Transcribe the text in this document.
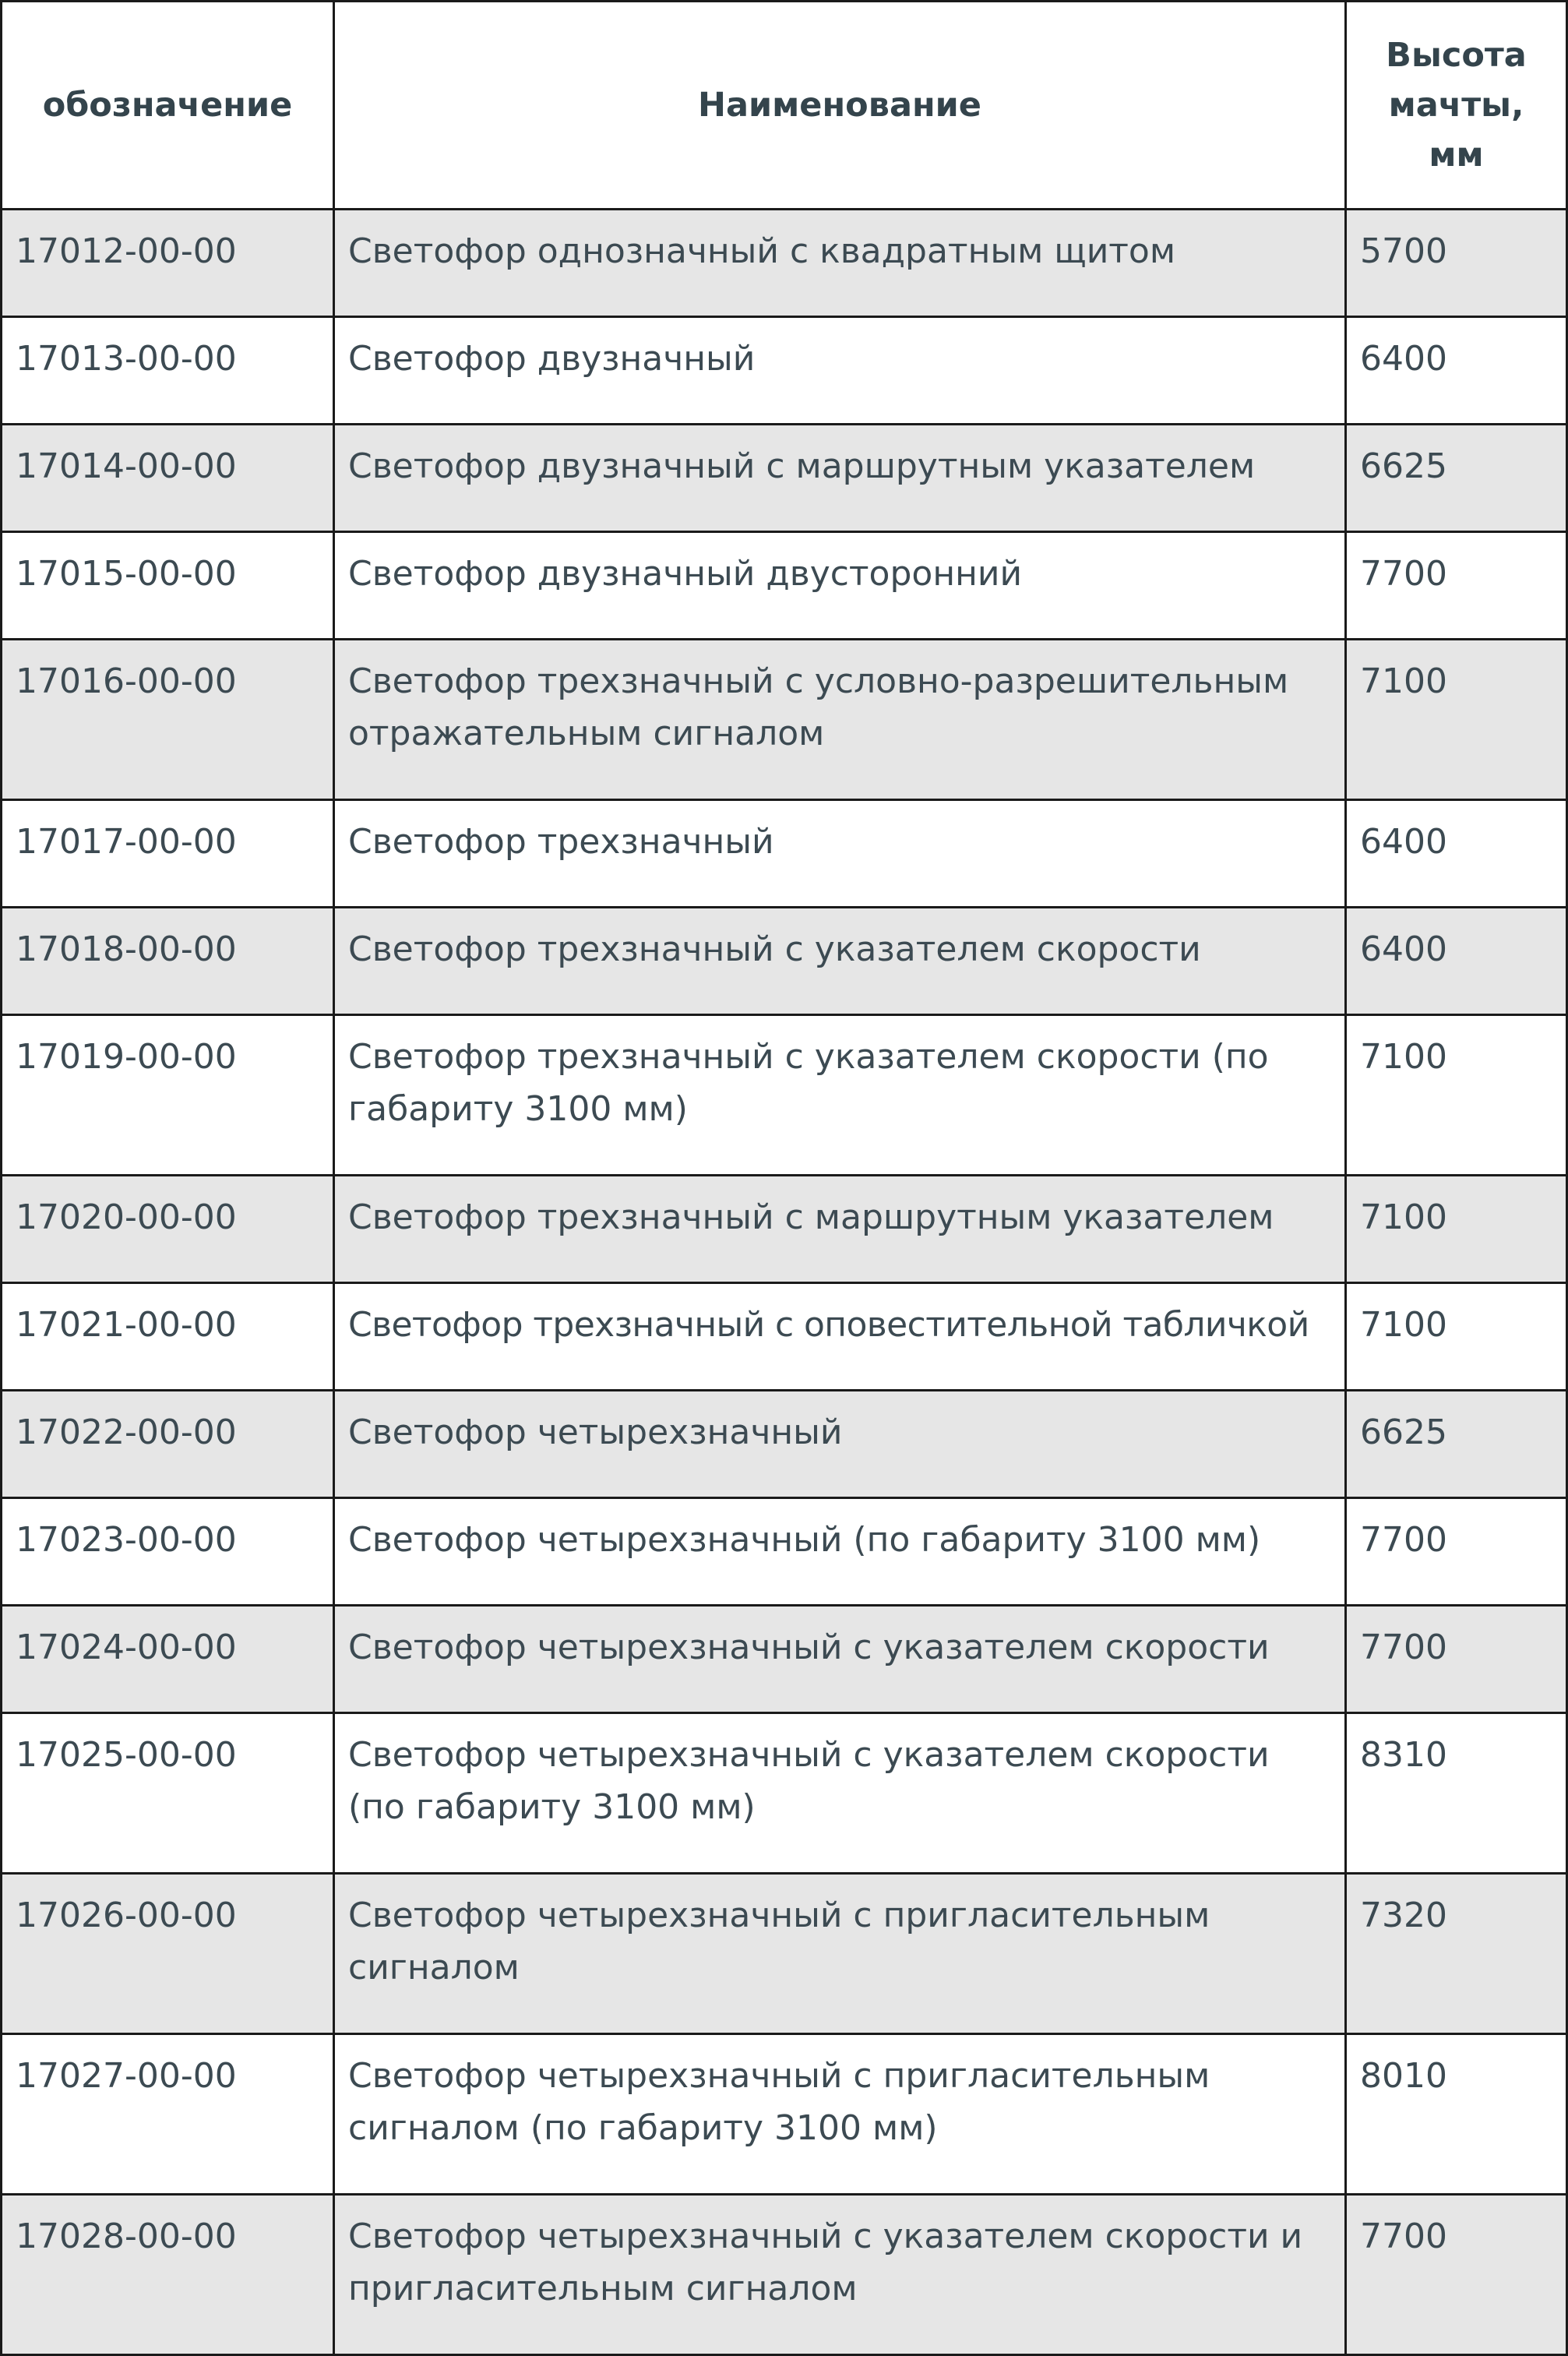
обозначение	Наименование	Высота мачты, мм
17012-00-00	Светофор однозначный с квадратным щитом	5700
17013-00-00	Светофор двузначный	6400
17014-00-00	Светофор двузначный с маршрутным указателем	6625
17015-00-00	Светофор двузначный двусторонний	7700
17016-00-00	Светофор трехзначный с условно-разрешительным отражательным сигналом	7100
17017-00-00	Светофор трехзначный	6400
17018-00-00	Светофор трехзначный с указателем скорости	6400
17019-00-00	Светофор трехзначный с указателем скорости (по габариту 3100 мм)	7100
17020-00-00	Светофор трехзначный с маршрутным указателем	7100
17021-00-00	Светофор трехзначный с оповестительной табличкой	7100
17022-00-00	Светофор четырехзначный	6625
17023-00-00	Светофор четырехзначный (по габариту 3100 мм)	7700
17024-00-00	Светофор четырехзначный с указателем скорости	7700
17025-00-00	Светофор четырехзначный с указателем скорости (по габариту 3100 мм)	8310
17026-00-00	Светофор четырехзначный с пригласительным сигналом	7320
17027-00-00	Светофор четырехзначный с пригласительным сигналом (по габариту 3100 мм)	8010
17028-00-00	Светофор четырехзначный с указателем скорости и пригласительным сигналом	7700
